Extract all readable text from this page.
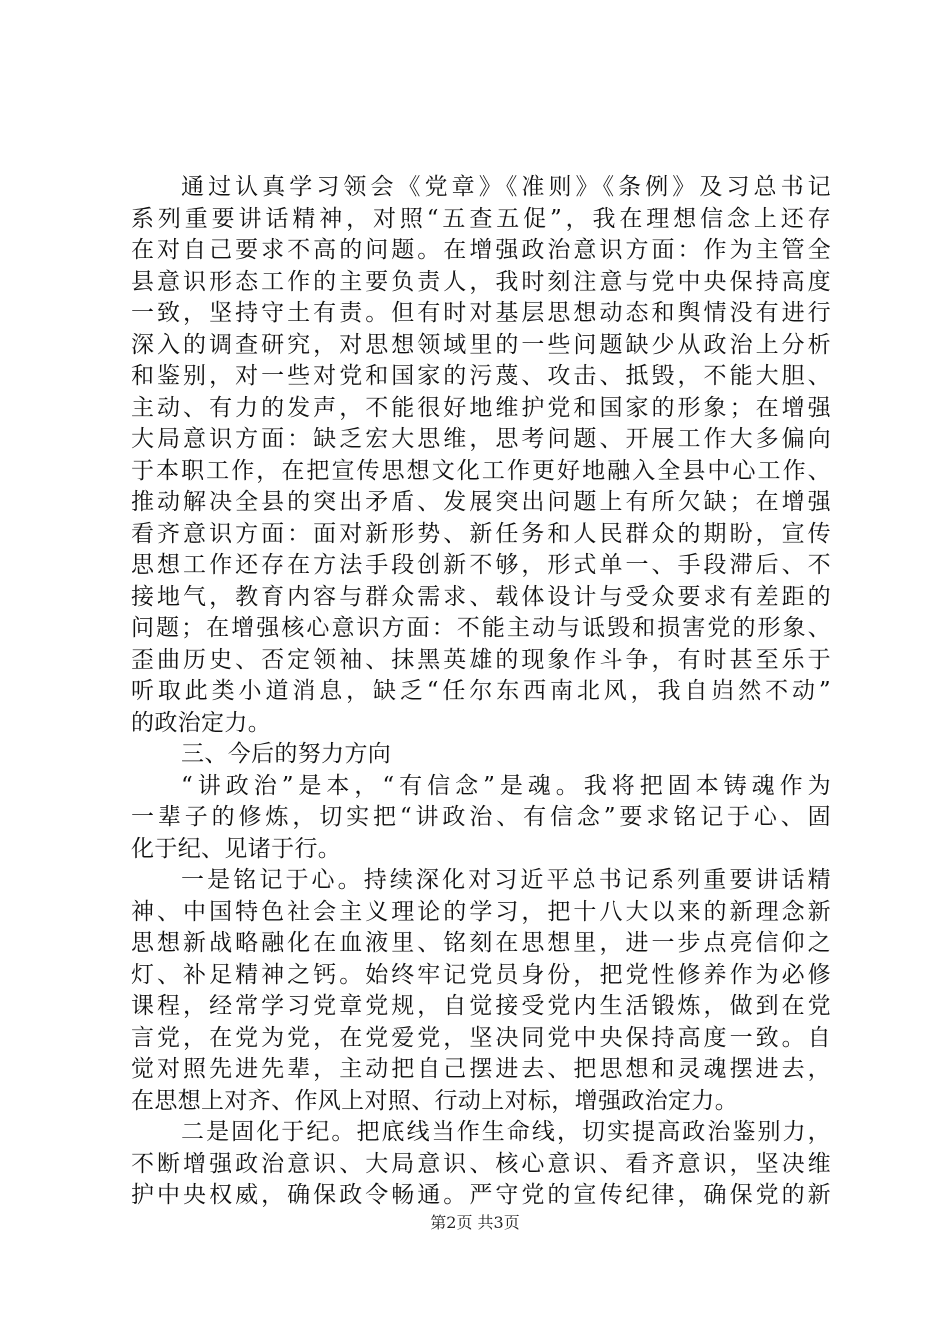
通过认真学习领会《党章》《准则》《条例》及习总书记
系列重要讲话精神，对照“五查五促”，我在理想信念上还存
在对自己要求不高的问题。在增强政治意识方面：作为主管全
县意识形态工作的主要负责人，我时刻注意与党中央保持高度
一致，坚持守土有责。但有时对基层思想动态和舆情没有进行
深入的调查研究，对思想领域里的一些问题缺少从政治上分析
和鉴别，对一些对党和国家的污蔑、攻击、抵毁，不能大胆、
主动、有力的发声，不能很好地维护党和国家的形象；在增强
大局意识方面：缺乏宏大思维，思考问题、开展工作大多偏向
于本职工作，在把宣传思想文化工作更好地融入全县中心工作、
推动解决全县的突出矛盾、发展突出问题上有所欠缺；在增强
看齐意识方面：面对新形势、新任务和人民群众的期盼，宣传
思想工作还存在方法手段创新不够，形式单一、手段滞后、不
接地气，教育内容与群众需求、载体设计与受众要求有差距的
问题；在增强核心意识方面：不能主动与诋毁和损害党的形象、
歪曲历史、否定领袖、抹黑英雄的现象作斗争，有时甚至乐于
听取此类小道消息，缺乏“任尔东西南北风，我自岿然不动”
的政治定力。
三、今后的努力方向
“讲政治”是本，“有信念”是魂。我将把固本铸魂作为
一辈子的修炼，切实把“讲政治、有信念”要求铭记于心、固
化于纪、见诸于行。
一是铭记于心。持续深化对习近平总书记系列重要讲话精
神、中国特色社会主义理论的学习，把十八大以来的新理念新
思想新战略融化在血液里、铭刻在思想里，进一步点亮信仰之
灯、补足精神之钙。始终牢记党员身份，把党性修养作为必修
课程，经常学习党章党规，自觉接受党内生活锻炼，做到在党
言党，在党为党，在党爱党，坚决同党中央保持高度一致。自
觉对照先进先辈，主动把自己摆进去、把思想和灵魂摆进去，
在思想上对齐、作风上对照、行动上对标，增强政治定力。
二是固化于纪。把底线当作生命线，切实提高政治鉴别力，
不断增强政治意识、大局意识、核心意识、看齐意识，坚决维
护中央权威，确保政令畅通。严守党的宣传纪律，确保党的新
第2页 共3页
